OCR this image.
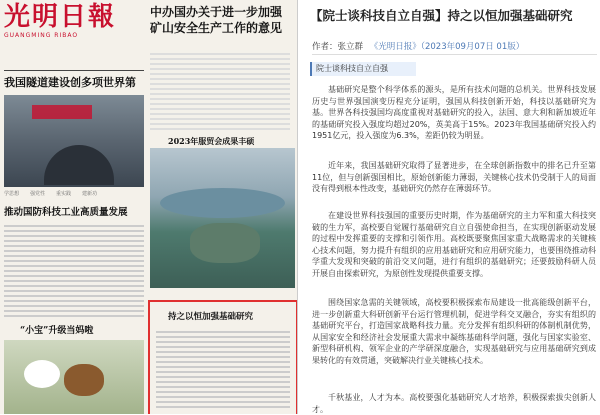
光明日報
GUANGMING RIBAO
中办国办关于进一步加强矿山安全生产工作的意见
我国隧道建设创多项世界第
2023年服贸会成果丰硕
学思想 强党性 重实践 建新功
推动国防科技工业高质量发展
“小宝”升级当妈啦
持之以恒加强基础研究
【院士谈科技自立自强】持之以恒加强基础研究
作者：张立群 《光明日报》（2023年09月07日 01版）
院士谈科技自立自强
基础研究是整个科学体系的源头，是所有技术问题的总机关。世界科技发展历史与世界强国演变历程充分证明，强国从科技创新开始，科技以基础研究为基。世界各科技强国均高度重视对基础研究的投入，法国、意大利和新加坡近年的基础研究投入强度均超过20%，英美高于15%。2023年我国基础研究投入约1951亿元，投入强度为6.3%，差距仍较为明显。
近年来，我国基础研究取得了显著进步，在全球创新指数中的排名已升至第11位，但与创新强国相比，原始创新能力薄弱，关键核心技术仍受制于人的局面没有得到根本性改变，基础研究仍然存在薄弱环节。
在建设世界科技强国的重要历史时期，作为基础研究的主力军和重大科技突破的生力军，高校要自觉履行基础研究自立自强使命担当，在实现创新驱动发展的过程中发挥重要的支撑和引领作用。高校既要聚焦国家重大战略需求的关键核心技术问题，努力提升有组织的应用基础研究和应用研究能力，也要围绕推动科学重大发现和突破的前沿交叉问题，进行有组织的基础研究；还要鼓励科研人员开展自由探索研究，为原创性发现提供重要支撑。
围绕国家急需的关键领域，高校要积极探索布局建设一批高能级创新平台，进一步创新重大科研创新平台运行管理机制，促进学科交叉融合，夯实有组织的基础研究平台，打造国家战略科技力量。充分发挥有组织科研的体制机制优势，从国家安全和经济社会发展重大需求中凝练基础科学问题，强化与国家实验室、新型科研机构、领军企业的产学研深度融合，实现基础研究与应用基础研究到成果转化的有效贯通，突破解决行业关键核心技术。
千秋基业，人才为本。高校要强化基础研究人才培养，积极探索拔尖创新人才。
